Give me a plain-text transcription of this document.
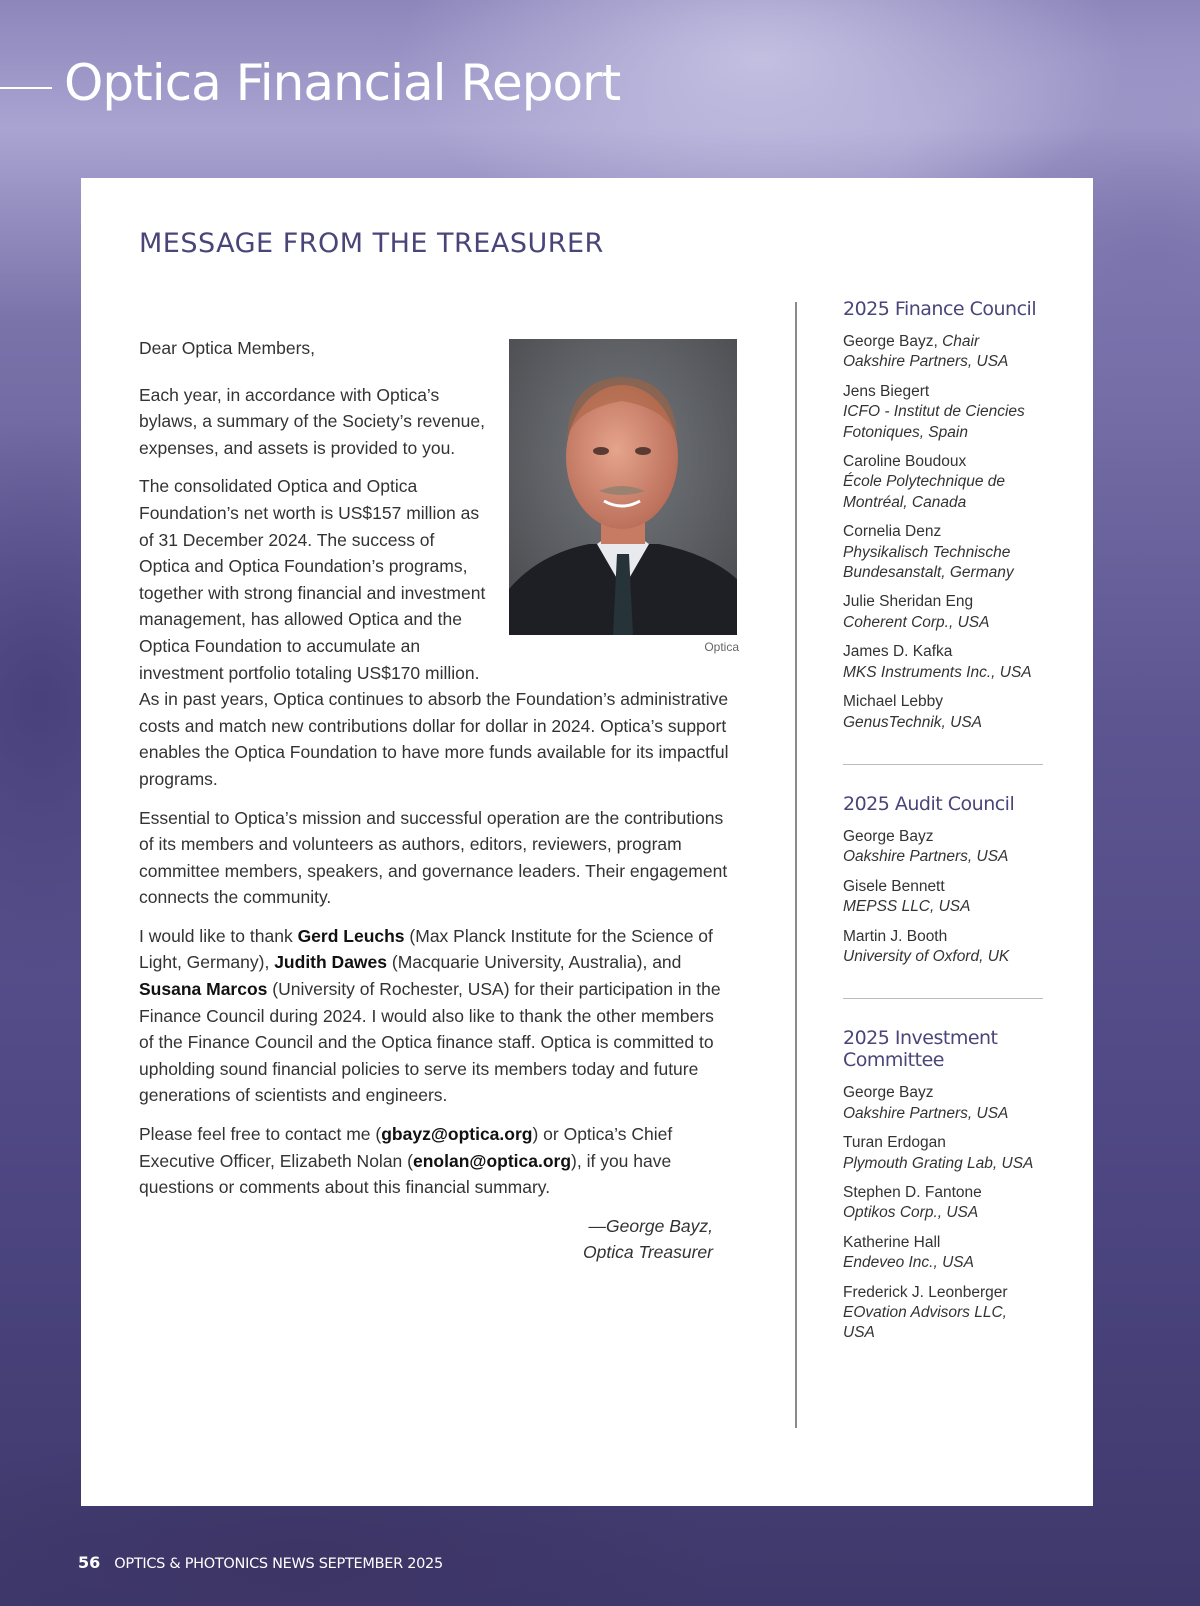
Optica Financial Report
MESSAGE FROM THE TREASURER
Optica

Dear Optica Members,

Each year, in accordance with Optica’s bylaws, a summary of the Society’s revenue, expenses, and assets is provided to you.

The consolidated Optica and Optica Foundation’s net worth is US$157 million as of 31 December 2024. The success of Optica and Optica Foundation’s programs, together with strong financial and investment management, has allowed Optica and the Optica Foundation to accumulate an investment portfolio totaling US$170 million. As in past years, Optica continues to absorb the Foundation’s administrative costs and match new contributions dollar for dollar in 2024. Optica’s support enables the Optica Foundation to have more funds available for its impactful programs.

Essential to Optica’s mission and successful operation are the contributions of its members and volunteers as authors, editors, reviewers, program committee members, speakers, and governance leaders. Their engagement connects the community.

I would like to thank Gerd Leuchs (Max Planck Institute for the Science of Light, Germany), Judith Dawes (Macquarie University, Australia), and Susana Marcos (University of Rochester, USA) for their participation in the Finance Council during 2024. I would also like to thank the other members of the Finance Council and the Optica finance staff. Optica is committed to upholding sound financial policies to serve its members today and future generations of scientists and engineers.

Please feel free to contact me (gbayz@optica.org) or Optica’s Chief Executive Officer, Elizabeth Nolan (enolan@optica.org), if you have questions or comments about this financial summary.

—George Bayz,
Optica Treasurer
2025 Finance Council
George Bayz, Chair
Oakshire Partners, USA
Jens Biegert
ICFO - Institut de Ciencies Fotoniques, Spain
Caroline Boudoux
École Polytechnique de Montréal, Canada
Cornelia Denz
Physikalisch Technische Bundesanstalt, Germany
Julie Sheridan Eng
Coherent Corp., USA
James D. Kafka
MKS Instruments Inc., USA
Michael Lebby
GenusTechnik, USA
2025 Audit Council
George Bayz
Oakshire Partners, USA
Gisele Bennett
MEPSS LLC, USA
Martin J. Booth
University of Oxford, UK
2025 Investment Committee
George Bayz
Oakshire Partners, USA
Turan Erdogan
Plymouth Grating Lab, USA
Stephen D. Fantone
Optikos Corp., USA
Katherine Hall
Endeveo Inc., USA
Frederick J. Leonberger
EOvation Advisors LLC, USA
56 OPTICS & PHOTONICS NEWS SEPTEMBER 2025
